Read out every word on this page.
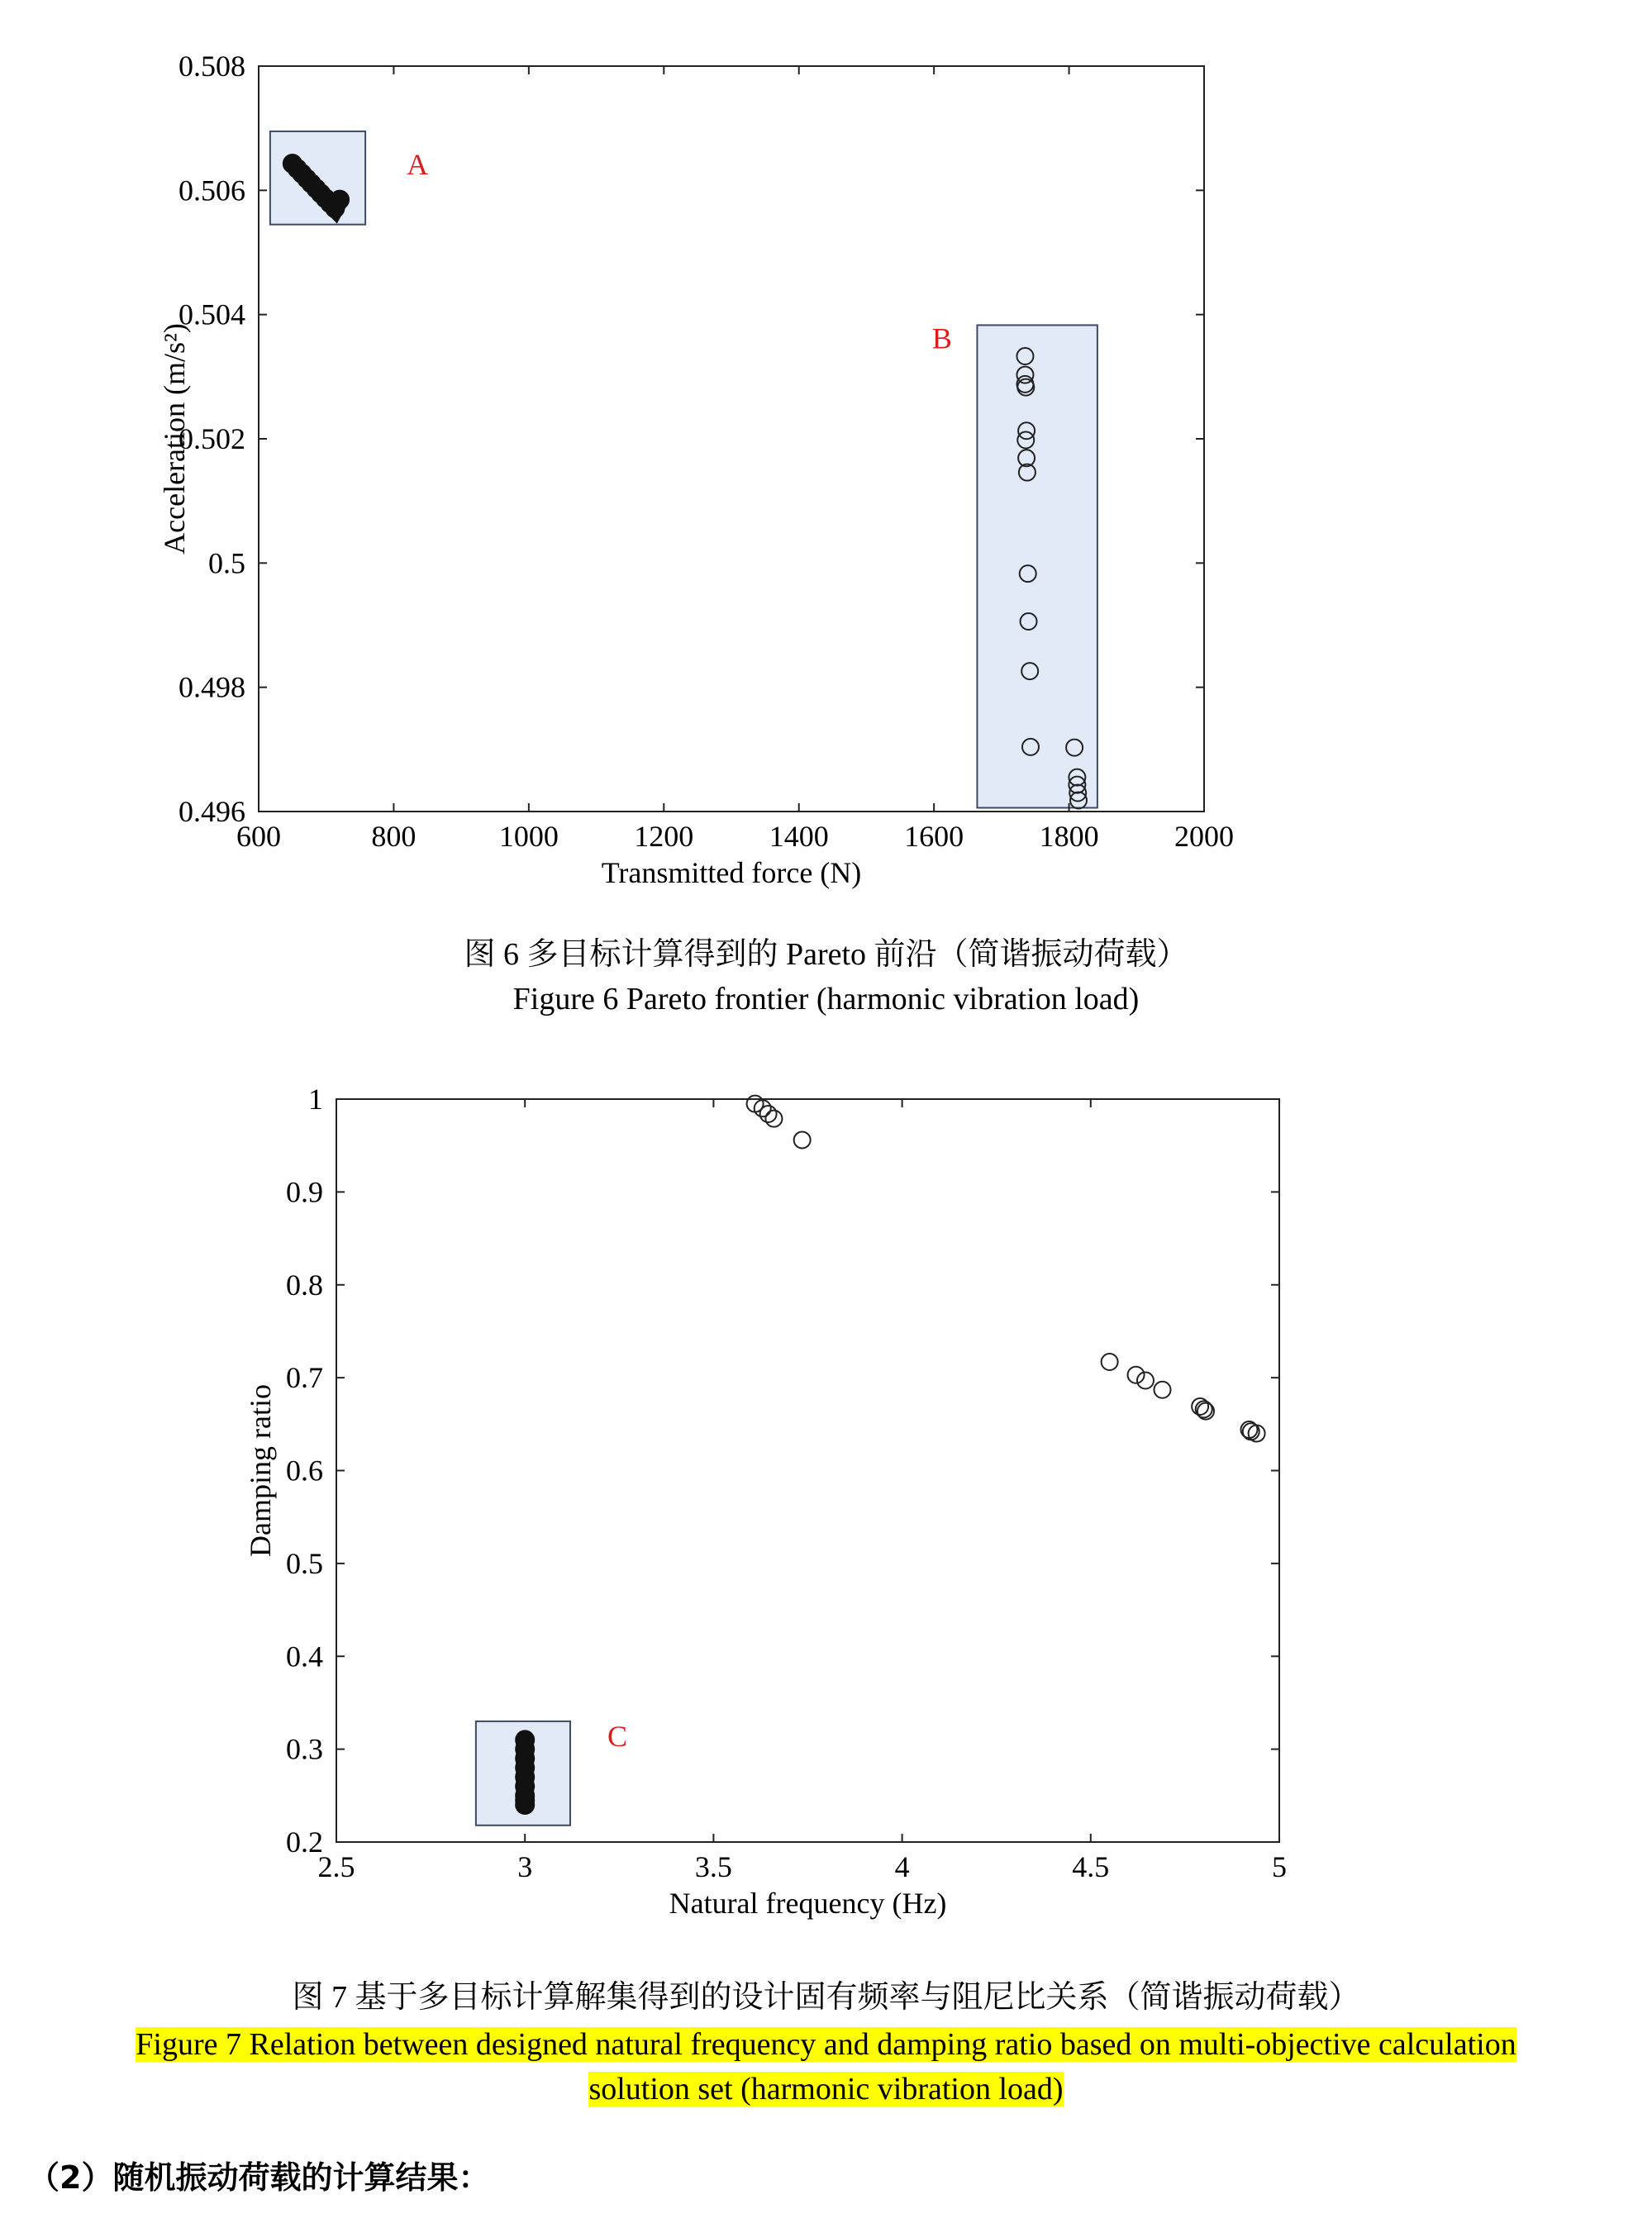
A
B
600	800	1000	1200	1400	1600	1800	2000
0.496
0.498
0.5
0.502
0.504
0.506
0.508
Transmitted force (N)
Acceleration (m/s²)
图 6 多目标计算得到的 Pareto 前沿（简谐振动荷载）
Figure 6 Pareto frontier (harmonic vibration load)
C
2.5	3	3.5	4	4.5	5
0.2
0.3
0.4
0.5
0.6
0.7
0.8
0.9
1
Natural frequency (Hz)
Damping ratio
图 7 基于多目标计算解集得到的设计固有频率与阻尼比关系（简谐振动荷载）
Figure 7 Relation between designed natural frequency and damping ratio based on multi-objective calculation
solution set (harmonic vibration load)
（2）随机振动荷载的计算结果：
